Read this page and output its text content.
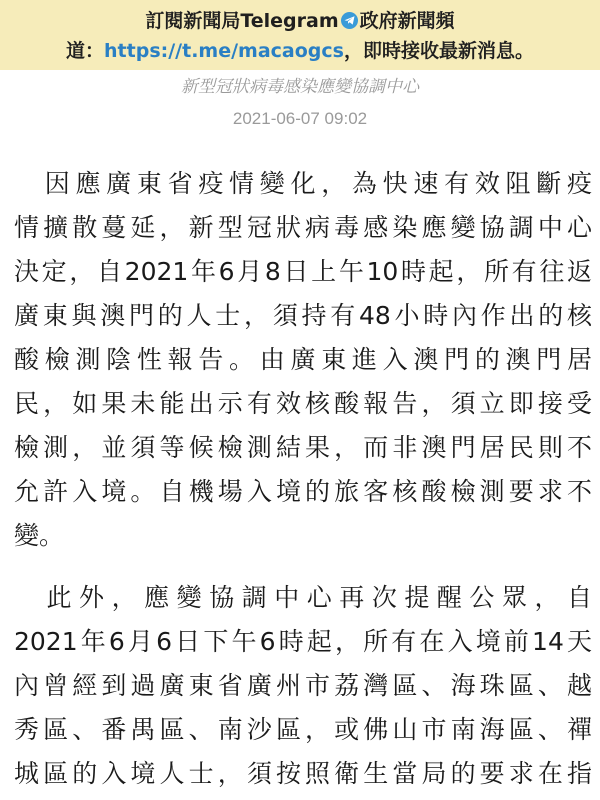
訂閱新聞局Telegram 政府新聞頻
道：https://t.me/macaogcs，即時接收最新消息。
新型冠狀病毒感染應變協調中心
2021-06-07 09:02
　因應廣東省疫情變化，為快速有效阻斷疫
情擴散蔓延，新型冠狀病毒感染應變協調中心
決定，自2021年6月8日上午10時起，所有往返
廣東與澳門的人士，須持有48小時內作出的核
酸檢測陰性報告。由廣東進入澳門的澳門居
民，如果未能出示有效核酸報告，須立即接受
檢測，並須等候檢測結果，而非澳門居民則不
允許入境。自機場入境的旅客核酸檢測要求不
變。
　此外，應變協調中心再次提醒公眾，自
2021年6月6日下午6時起，所有在入境前14天
內曾經到過廣東省廣州市荔灣區、海珠區、越
秀區、番禺區、南沙區，或佛山市南海區、禪
城區的入境人士，須按照衛生當局的要求在指
